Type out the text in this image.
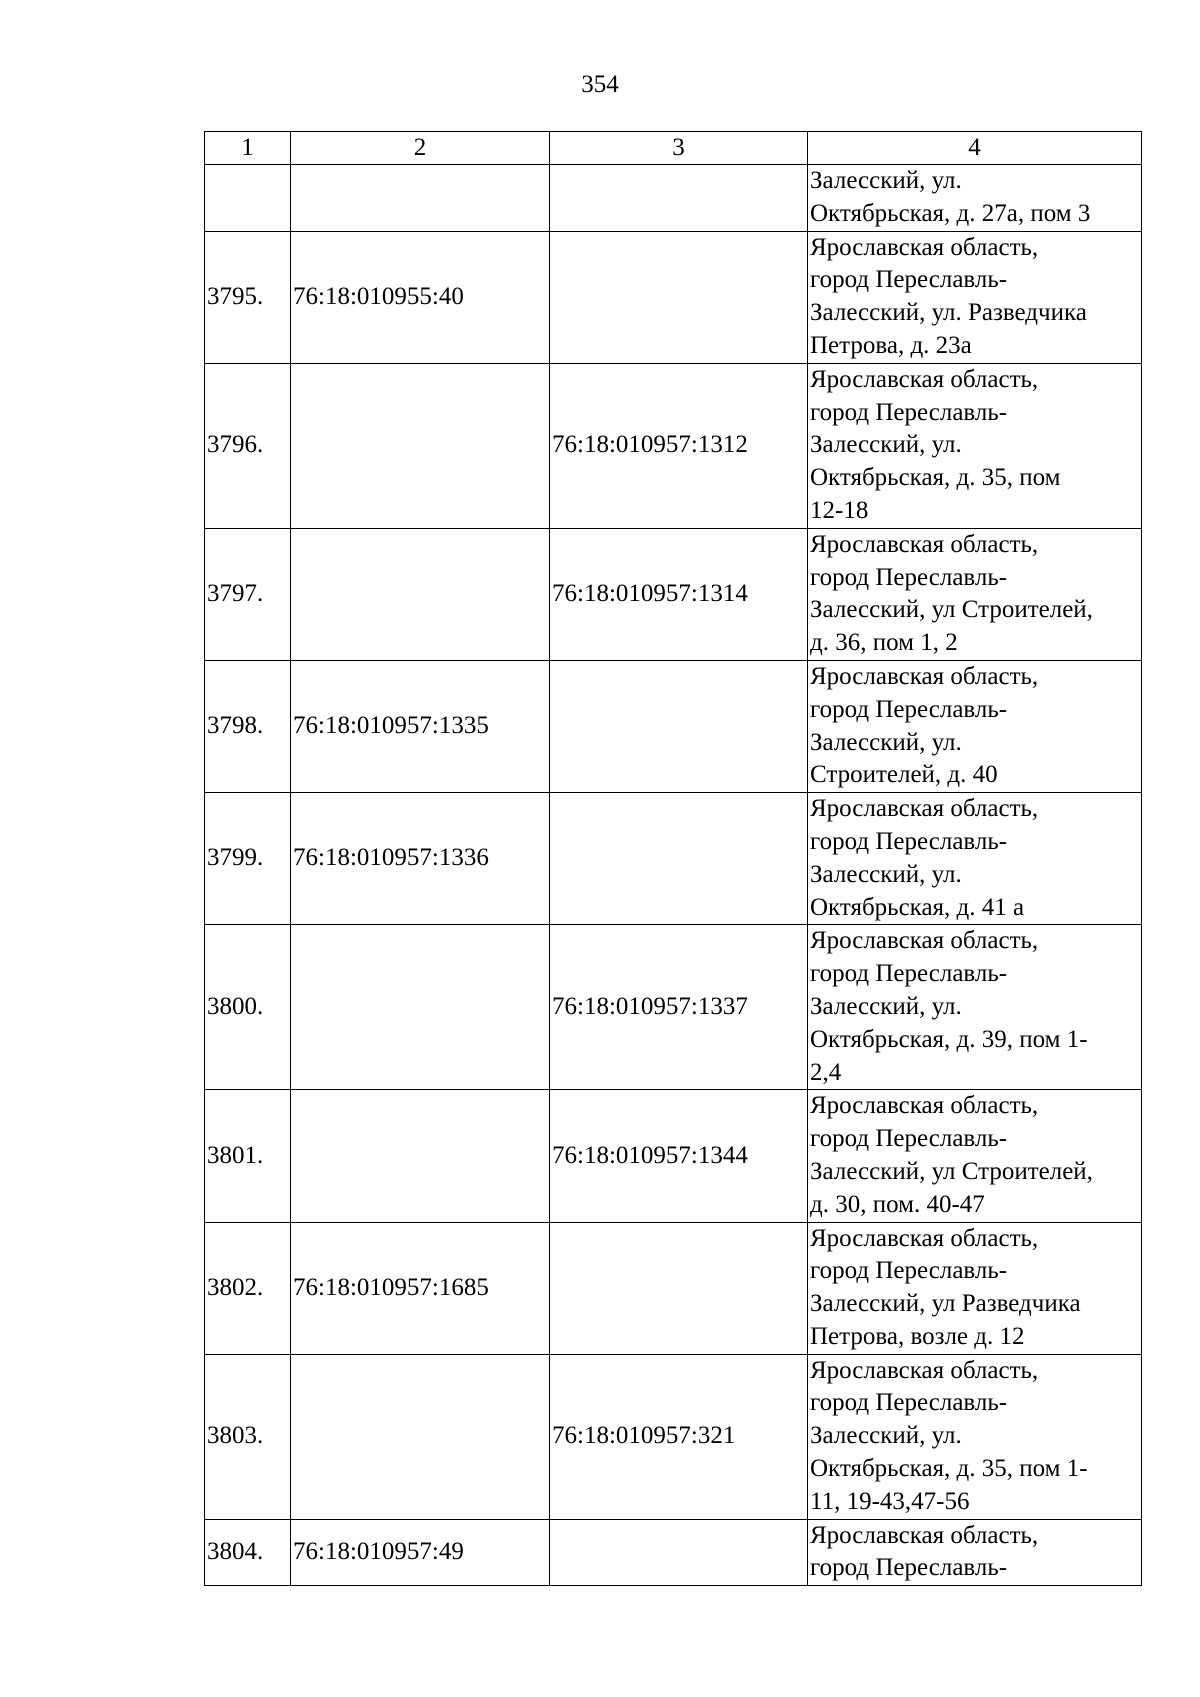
354
1	2	3	4

			Залесский, ул.
Октябрьская, д. 27а, пом 3

3795.	76:18:010955:40		Ярославская область,
город Переславль-
Залесский, ул. Разведчика
Петрова, д. 23а

3796.		76:18:010957:1312	Ярославская область,
город Переславль-
Залесский, ул.
Октябрьская, д. 35, пом
12-18

3797.		76:18:010957:1314	Ярославская область,
город Переславль-
Залесский, ул Строителей,
д. 36, пом 1, 2

3798.	76:18:010957:1335		Ярославская область,
город Переславль-
Залесский, ул.
Строителей, д. 40

3799.	76:18:010957:1336		Ярославская область,
город Переславль-
Залесский, ул.
Октябрьская, д. 41 а

3800.		76:18:010957:1337	Ярославская область,
город Переславль-
Залесский, ул.
Октябрьская, д. 39, пом 1-
2,4

3801.		76:18:010957:1344	Ярославская область,
город Переславль-
Залесский, ул Строителей,
д. 30, пом. 40-47

3802.	76:18:010957:1685		Ярославская область,
город Переславль-
Залесский, ул Разведчика
Петрова, возле д. 12

3803.		76:18:010957:321	Ярославская область,
город Переславль-
Залесский, ул.
Октябрьская, д. 35, пом 1-
11, 19-43,47-56

3804.	76:18:010957:49		Ярославская область,
город Переславль-
